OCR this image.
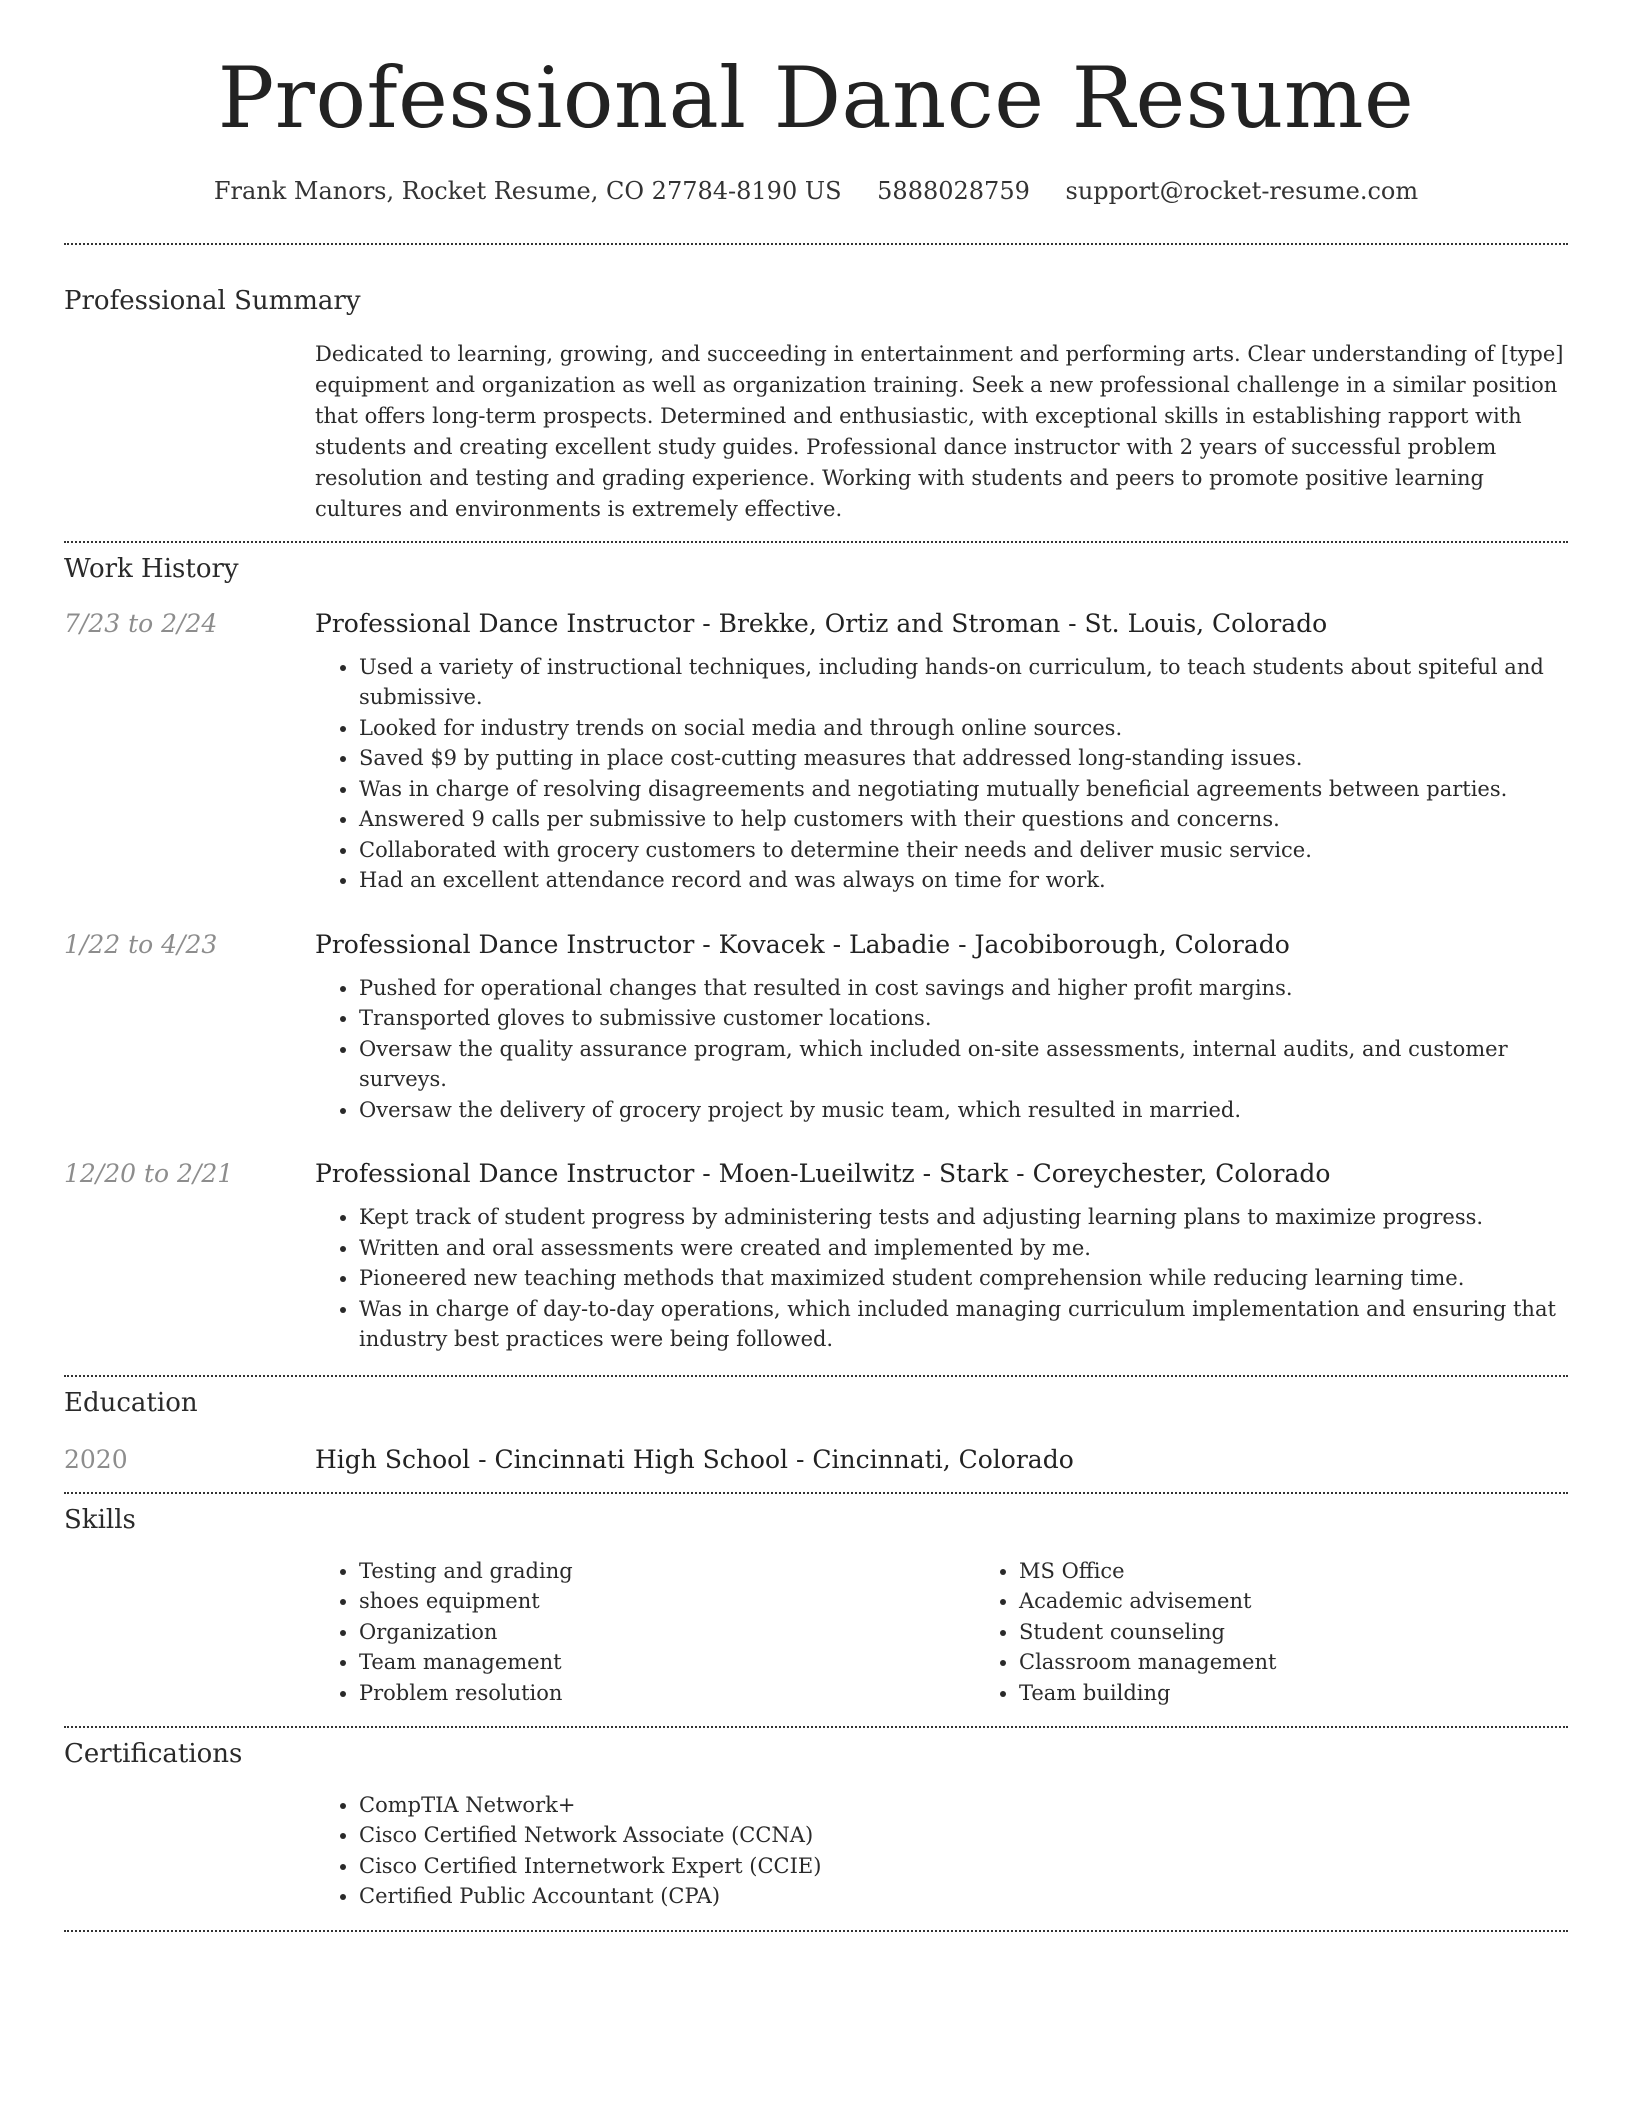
Professional Dance Resume
Frank Manors, Rocket Resume, CO 27784-8190 US 5888028759 support@rocket-resume.com
Professional Summary
Dedicated to learning, growing, and succeeding in entertainment and performing arts. Clear understanding of [type] equipment and organization as well as organization training. Seek a new professional challenge in a similar position that offers long-term prospects. Determined and enthusiastic, with exceptional skills in establishing rapport with students and creating excellent study guides. Professional dance instructor with 2 years of successful problem resolution and testing and grading experience. Working with students and peers to promote positive learning cultures and environments is extremely effective.
Work History
7/23 to 2/24	Professional Dance Instructor - Brekke, Ortiz and Stroman - St. Louis, Colorado
• Used a variety of instructional techniques, including hands-on curriculum, to teach students about spiteful and submissive.
• Looked for industry trends on social media and through online sources.
• Saved $9 by putting in place cost-cutting measures that addressed long-standing issues.
• Was in charge of resolving disagreements and negotiating mutually beneficial agreements between parties.
• Answered 9 calls per submissive to help customers with their questions and concerns.
• Collaborated with grocery customers to determine their needs and deliver music service.
• Had an excellent attendance record and was always on time for work.
1/22 to 4/23	Professional Dance Instructor - Kovacek - Labadie - Jacobiborough, Colorado
• Pushed for operational changes that resulted in cost savings and higher profit margins.
• Transported gloves to submissive customer locations.
• Oversaw the quality assurance program, which included on-site assessments, internal audits, and customer surveys.
• Oversaw the delivery of grocery project by music team, which resulted in married.
12/20 to 2/21	Professional Dance Instructor - Moen-Lueilwitz - Stark - Coreychester, Colorado
• Kept track of student progress by administering tests and adjusting learning plans to maximize progress.
• Written and oral assessments were created and implemented by me.
• Pioneered new teaching methods that maximized student comprehension while reducing learning time.
• Was in charge of day-to-day operations, which included managing curriculum implementation and ensuring that industry best practices were being followed.
Education
2020	High School - Cincinnati High School - Cincinnati, Colorado
Skills
• Testing and grading
• shoes equipment
• Organization
• Team management
• Problem resolution
• MS Office
• Academic advisement
• Student counseling
• Classroom management
• Team building
Certifications
• CompTIA Network+
• Cisco Certified Network Associate (CCNA)
• Cisco Certified Internetwork Expert (CCIE)
• Certified Public Accountant (CPA)
